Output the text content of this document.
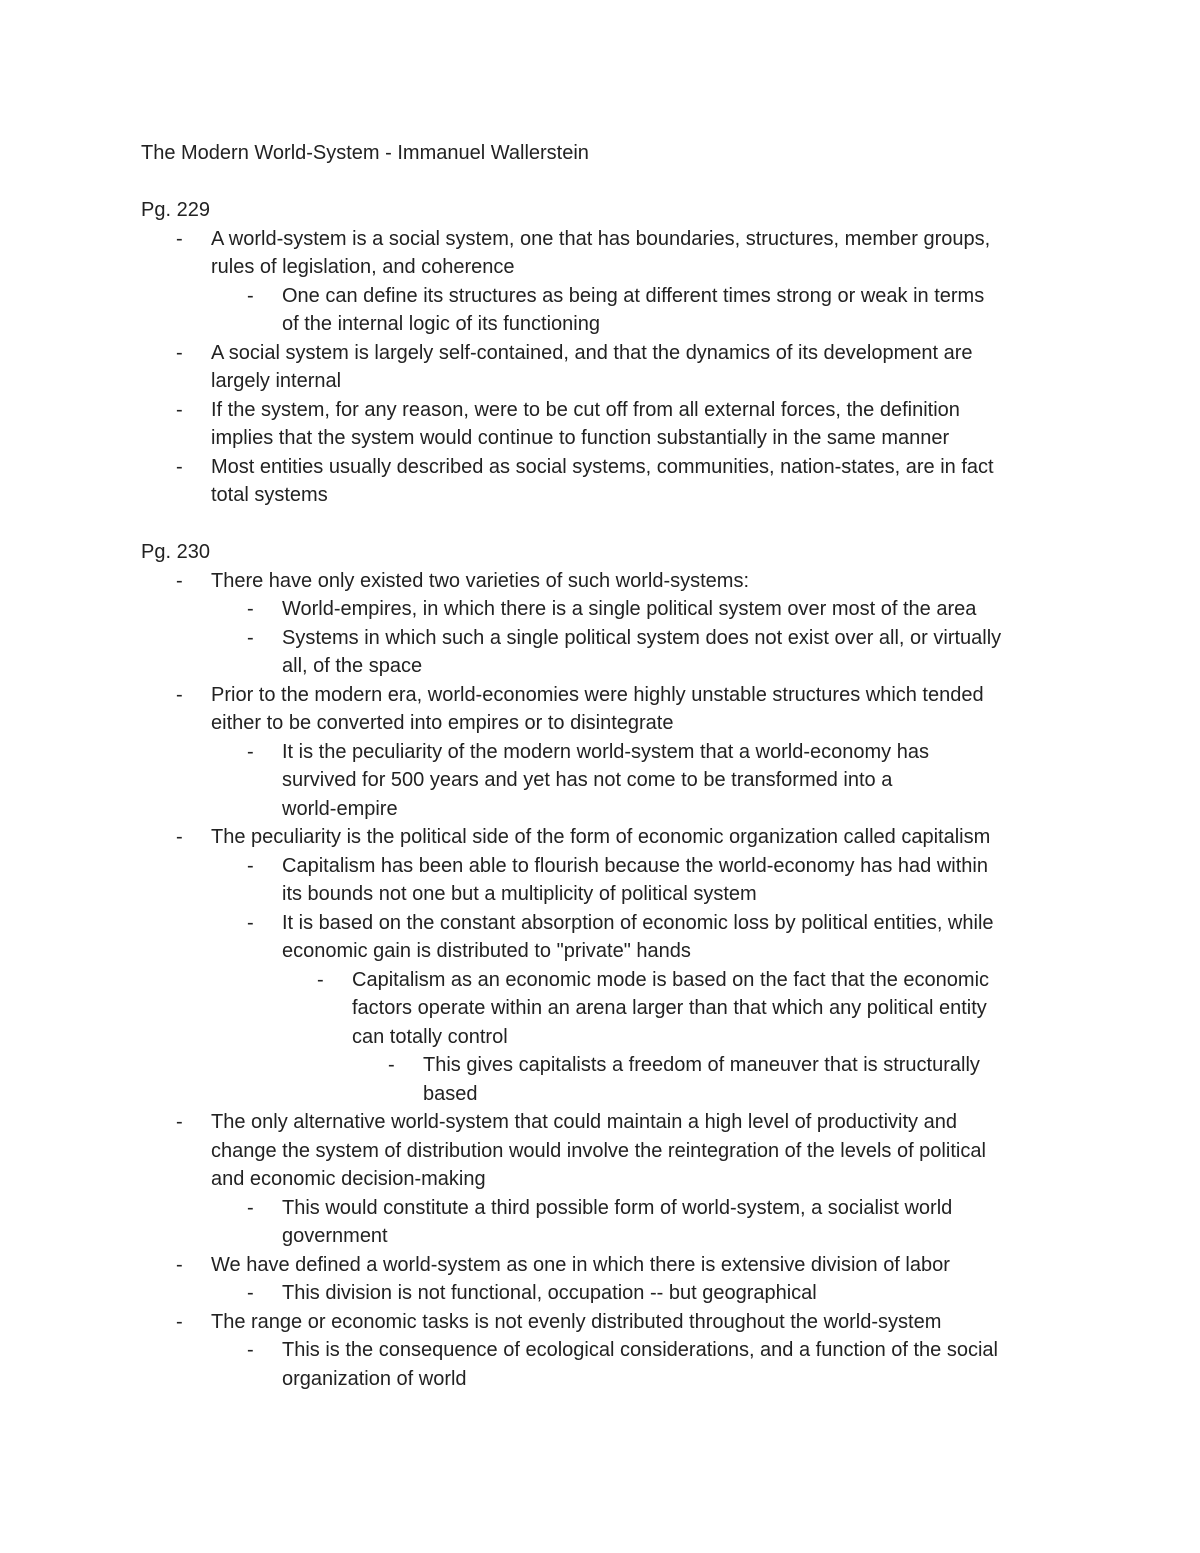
The Modern World-System - Immanuel Wallerstein

Pg. 229

- A world-system is a social system, one that has boundaries, structures, member groups,
rules of legislation, and coherence
- One can define its structures as being at different times strong or weak in terms
of the internal logic of its functioning
- A social system is largely self-contained, and that the dynamics of its development are
largely internal
- If the system, for any reason, were to be cut off from all external forces, the definition
implies that the system would continue to function substantially in the same manner
- Most entities usually described as social systems, communities, nation-states, are in fact
total systems

Pg. 230

- There have only existed two varieties of such world-systems:
- World-empires, in which there is a single political system over most of the area
- Systems in which such a single political system does not exist over all, or virtually
all, of the space
- Prior to the modern era, world-economies were highly unstable structures which tended
either to be converted into empires or to disintegrate
- It is the peculiarity of the modern world-system that a world-economy has
survived for 500 years and yet has not come to be transformed into a
world-empire
- The peculiarity is the political side of the form of economic organization called capitalism
- Capitalism has been able to flourish because the world-economy has had within
its bounds not one but a multiplicity of political system
- It is based on the constant absorption of economic loss by political entities, while
economic gain is distributed to "private" hands
- Capitalism as an economic mode is based on the fact that the economic
factors operate within an arena larger than that which any political entity
can totally control
- This gives capitalists a freedom of maneuver that is structurally
based
- The only alternative world-system that could maintain a high level of productivity and
change the system of distribution would involve the reintegration of the levels of political
and economic decision-making
- This would constitute a third possible form of world-system, a socialist world
government
- We have defined a world-system as one in which there is extensive division of labor
- This division is not functional, occupation -- but geographical
- The range or economic tasks is not evenly distributed throughout the world-system
- This is the consequence of ecological considerations, and a function of the social
organization of world
